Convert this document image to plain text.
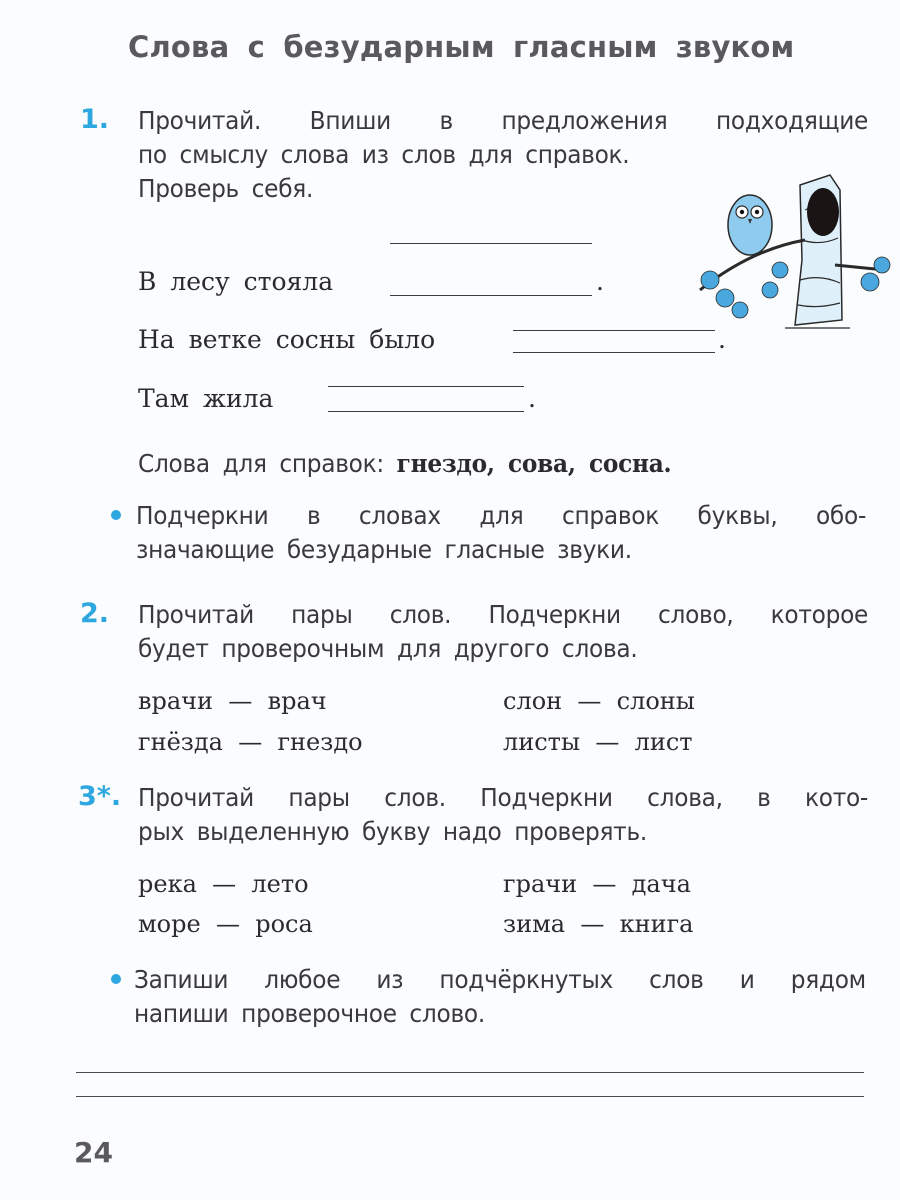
Слова с безударным гласным звуком
1. Прочитай. Впиши в предложения подходящие
по смыслу слова из слов для справок.
Проверь себя.
В лесу стояла	.
На ветке сосны было	.
Там жила	.
Слова для справок: гнездо, сова, сосна.
Подчеркни в словах для справок буквы, обо-
значающие безударные гласные звуки.
2. Прочитай пары слов. Подчеркни слово, которое
будет проверочным для другого слова.
врачи — врач	слон — слоны
гнёзда — гнездо	листы — лист
3*. Прочитай пары слов. Подчеркни слова, в кото-
рых выделенную букву надо проверять.
река — лето	грачи — дача
море — роса	зима — книга
Запиши любое из подчёркнутых слов и рядом
напиши проверочное слово.
24
